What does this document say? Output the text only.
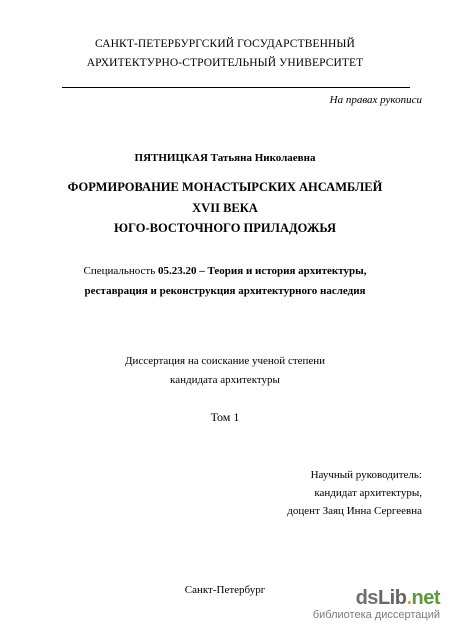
САНКТ-ПЕТЕРБУРГСКИЙ ГОСУДАРСТВЕННЫЙ
АРХИТЕКТУРНО-СТРОИТЕЛЬНЫЙ УНИВЕРСИТЕТ
На правах рукописи
ПЯТНИЦКАЯ Татьяна Николаевна
ФОРМИРОВАНИЕ МОНАСТЫРСКИХ АНСАМБЛЕЙ
XVII ВЕКА
ЮГО-ВОСТОЧНОГО ПРИЛАДОЖЬЯ
Специальность 05.23.20 – Теория и история архитектуры,
реставрация и реконструкция архитектурного наследия
Диссертация на соискание ученой степени
кандидата архитектуры
Том 1
Научный руководитель:
кандидат архитектуры,
доцент Заяц Инна Сергеевна
Санкт-Петербург	dsLib.net
библиотека диссертаций
